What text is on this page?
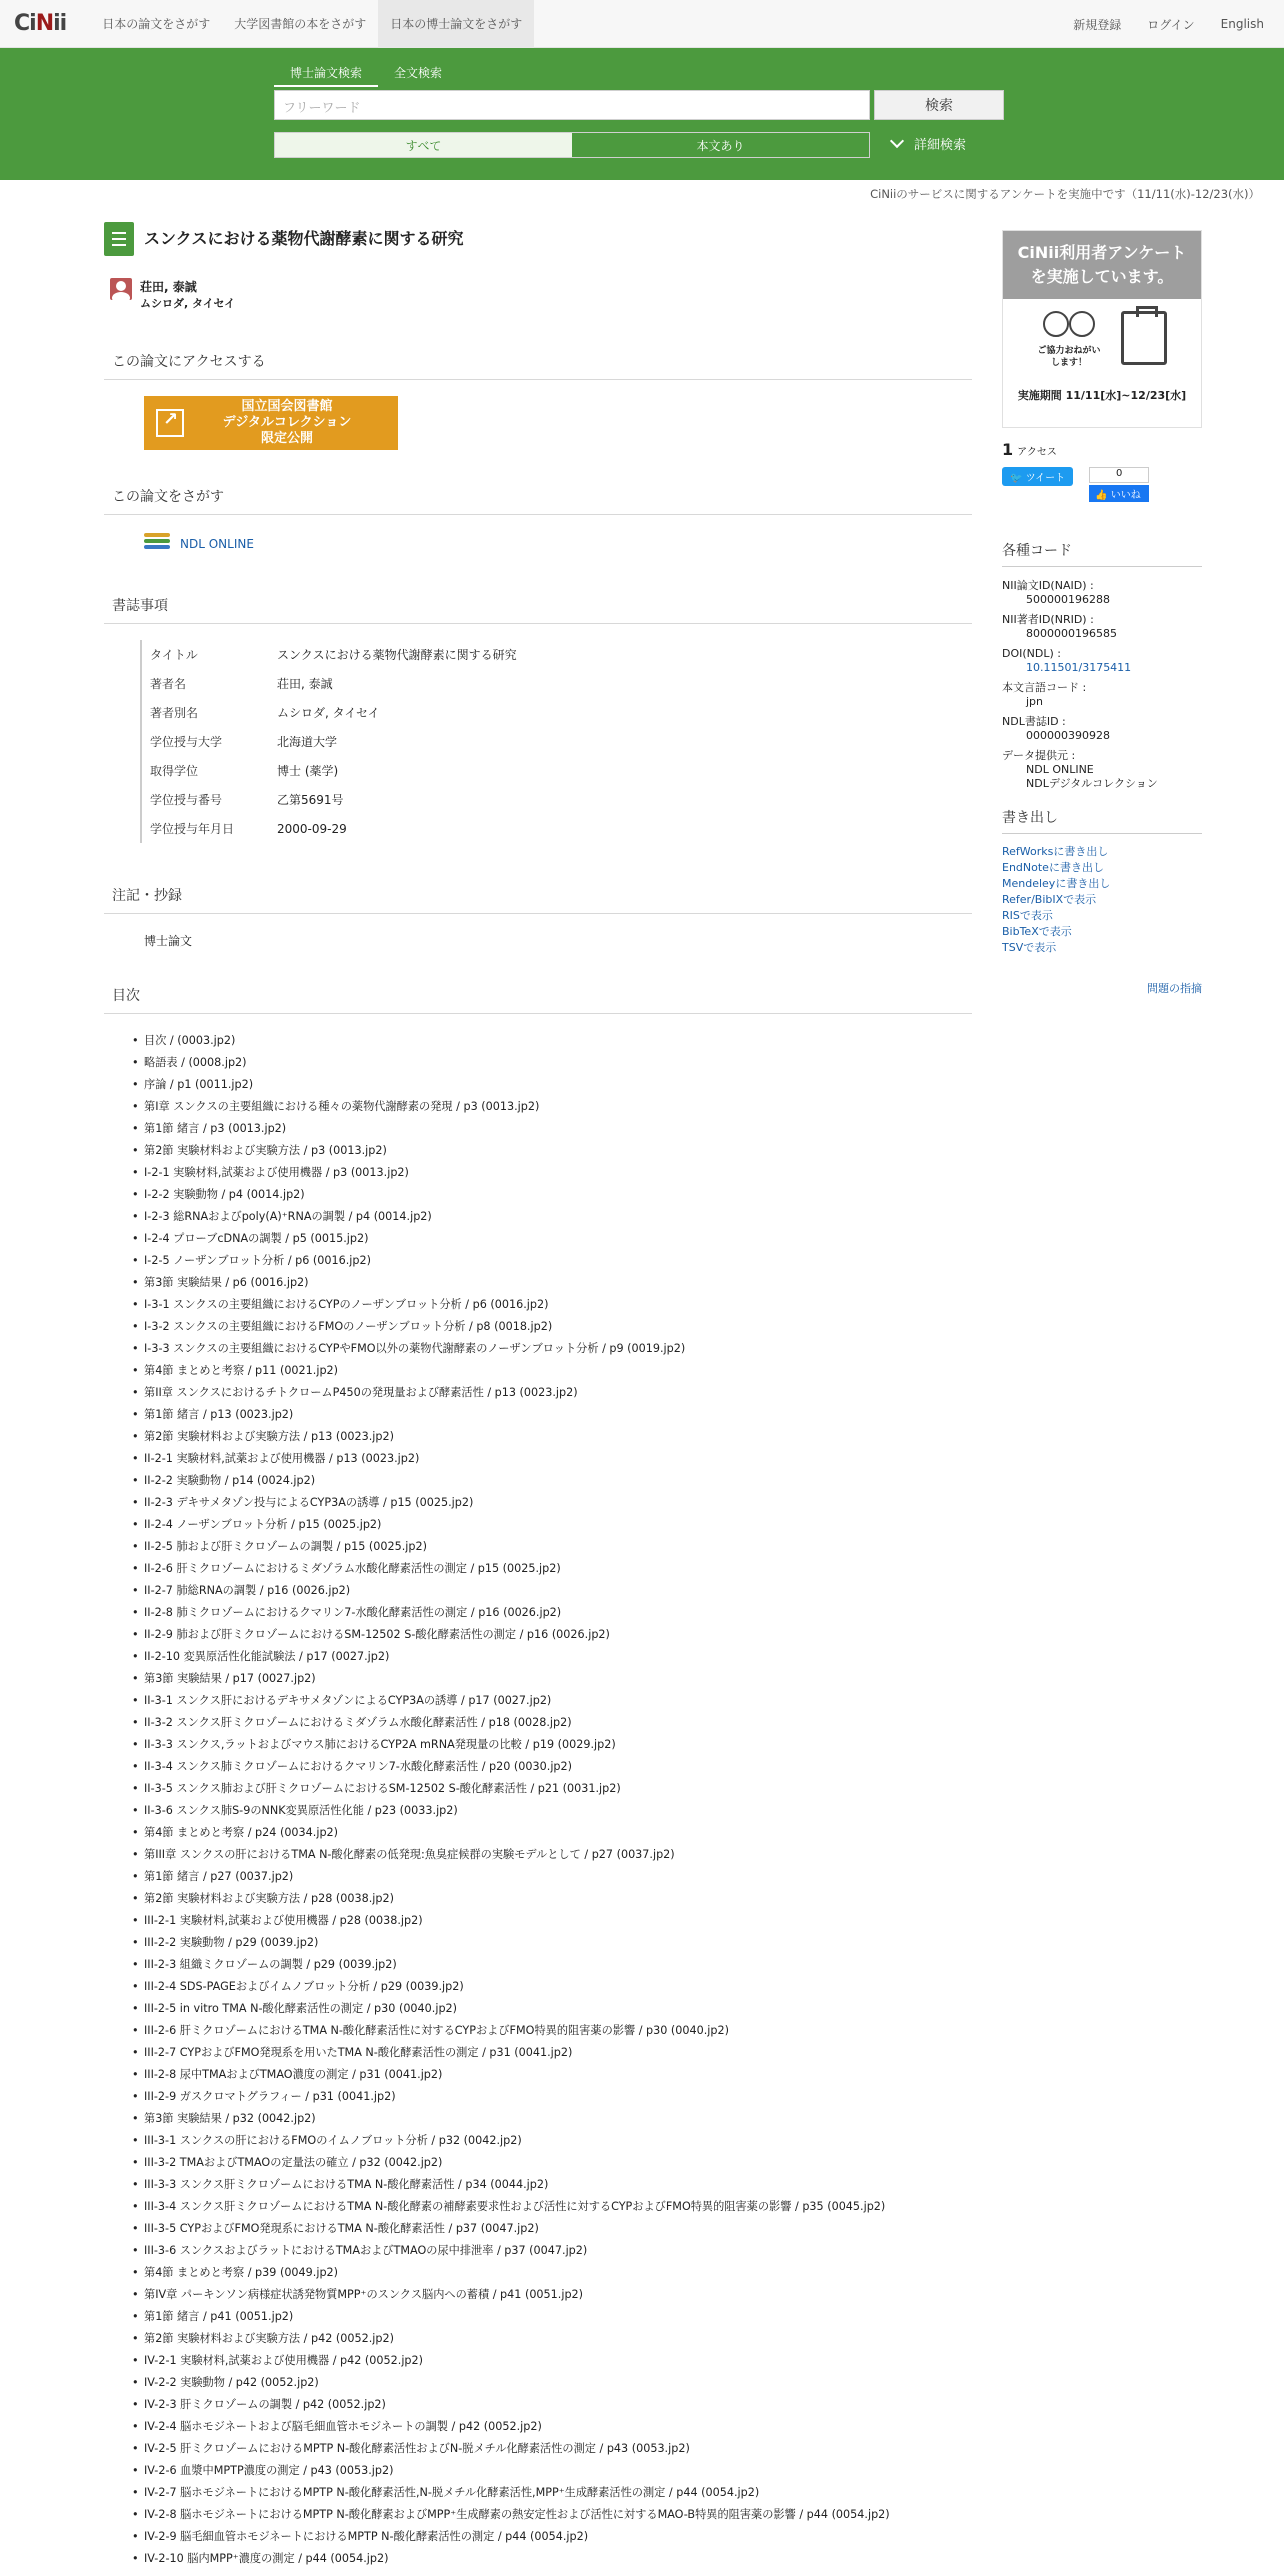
Ci N ii	日本の論文をさがす	大学図書館の本をさがす	日本の博士論文をさがす	新規登録 ログイン English
博士論文検索	全文検索
フリーワード	検索
すべて	本文あり	詳細検索
CiNiiのサービスに関するアンケートを実施中です（11/11(水)-12/23(水)）
スンクスにおける薬物代謝酵素に関する研究
荘田, 泰誠
ムシロダ, タイセイ
この論文にアクセスする
↗
国立国会図書館
デジタルコレクション
限定公開
この論文をさがす
NDL ONLINE
書誌事項
タイトル	スンクスにおける薬物代謝酵素に関する研究
著者名	荘田, 泰誠
著者別名	ムシロダ, タイセイ
学位授与大学	北海道大学
取得学位	博士 (薬学)
学位授与番号	乙第5691号
学位授与年月日	2000-09-29
注記・抄録
博士論文
目次
• 目次 / (0003.jp2)
• 略語表 / (0008.jp2)
• 序論 / p1 (0011.jp2)
• 第I章 スンクスの主要組織における種々の薬物代謝酵素の発現 / p3 (0013.jp2)
• 第1節 緒言 / p3 (0013.jp2)
• 第2節 実験材料および実験方法 / p3 (0013.jp2)
• I-2-1 実験材料,試薬および使用機器 / p3 (0013.jp2)
• I-2-2 実験動物 / p4 (0014.jp2)
• I-2-3 総RNAおよびpoly(A)⁺RNAの調製 / p4 (0014.jp2)
• I-2-4 プローブcDNAの調製 / p5 (0015.jp2)
• I-2-5 ノーザンブロット分析 / p6 (0016.jp2)
• 第3節 実験結果 / p6 (0016.jp2)
• I-3-1 スンクスの主要組織におけるCYPのノーザンブロット分析 / p6 (0016.jp2)
• I-3-2 スンクスの主要組織におけるFMOのノーザンブロット分析 / p8 (0018.jp2)
• I-3-3 スンクスの主要組織におけるCYPやFMO以外の薬物代謝酵素のノーザンブロット分析 / p9 (0019.jp2)
• 第4節 まとめと考察 / p11 (0021.jp2)
• 第II章 スンクスにおけるチトクロームP450の発現量および酵素活性 / p13 (0023.jp2)
• 第1節 緒言 / p13 (0023.jp2)
• 第2節 実験材料および実験方法 / p13 (0023.jp2)
• II-2-1 実験材料,試薬および使用機器 / p13 (0023.jp2)
• II-2-2 実験動物 / p14 (0024.jp2)
• II-2-3 デキサメタゾン投与によるCYP3Aの誘導 / p15 (0025.jp2)
• II-2-4 ノーザンブロット分析 / p15 (0025.jp2)
• II-2-5 肺および肝ミクロゾームの調製 / p15 (0025.jp2)
• II-2-6 肝ミクロゾームにおけるミダゾラム水酸化酵素活性の測定 / p15 (0025.jp2)
• II-2-7 肺総RNAの調製 / p16 (0026.jp2)
• II-2-8 肺ミクロゾームにおけるクマリン7-水酸化酵素活性の測定 / p16 (0026.jp2)
• II-2-9 肺および肝ミクロゾームにおけるSM-12502 S-酸化酵素活性の測定 / p16 (0026.jp2)
• II-2-10 変異原活性化能試験法 / p17 (0027.jp2)
• 第3節 実験結果 / p17 (0027.jp2)
• II-3-1 スンクス肝におけるデキサメタゾンによるCYP3Aの誘導 / p17 (0027.jp2)
• II-3-2 スンクス肝ミクロゾームにおけるミダゾラム水酸化酵素活性 / p18 (0028.jp2)
• II-3-3 スンクス,ラットおよびマウス肺におけるCYP2A mRNA発現量の比較 / p19 (0029.jp2)
• II-3-4 スンクス肺ミクロゾームにおけるクマリン7-水酸化酵素活性 / p20 (0030.jp2)
• II-3-5 スンクス肺および肝ミクロゾームにおけるSM-12502 S-酸化酵素活性 / p21 (0031.jp2)
• II-3-6 スンクス肺S-9のNNK変異原活性化能 / p23 (0033.jp2)
• 第4節 まとめと考察 / p24 (0034.jp2)
• 第III章 スンクスの肝におけるTMA N-酸化酵素の低発現:魚臭症候群の実験モデルとして / p27 (0037.jp2)
• 第1節 緒言 / p27 (0037.jp2)
• 第2節 実験材料および実験方法 / p28 (0038.jp2)
• III-2-1 実験材料,試薬および使用機器 / p28 (0038.jp2)
• III-2-2 実験動物 / p29 (0039.jp2)
• III-2-3 組織ミクロゾームの調製 / p29 (0039.jp2)
• III-2-4 SDS-PAGEおよびイムノブロット分析 / p29 (0039.jp2)
• III-2-5 in vitro TMA N-酸化酵素活性の測定 / p30 (0040.jp2)
• III-2-6 肝ミクロゾームにおけるTMA N-酸化酵素活性に対するCYPおよびFMO特異的阻害薬の影響 / p30 (0040.jp2)
• III-2-7 CYPおよびFMO発現系を用いたTMA N-酸化酵素活性の測定 / p31 (0041.jp2)
• III-2-8 尿中TMAおよびTMAO濃度の測定 / p31 (0041.jp2)
• III-2-9 ガスクロマトグラフィー / p31 (0041.jp2)
• 第3節 実験結果 / p32 (0042.jp2)
• III-3-1 スンクスの肝におけるFMOのイムノブロット分析 / p32 (0042.jp2)
• III-3-2 TMAおよびTMAOの定量法の確立 / p32 (0042.jp2)
• III-3-3 スンクス肝ミクロゾームにおけるTMA N-酸化酵素活性 / p34 (0044.jp2)
• III-3-4 スンクス肝ミクロゾームにおけるTMA N-酸化酵素の補酵素要求性および活性に対するCYPおよびFMO特異的阻害薬の影響 / p35 (0045.jp2)
• III-3-5 CYPおよびFMO発現系におけるTMA N-酸化酵素活性 / p37 (0047.jp2)
• III-3-6 スンクスおよびラットにおけるTMAおよびTMAOの尿中排泄率 / p37 (0047.jp2)
• 第4節 まとめと考察 / p39 (0049.jp2)
• 第IV章 パーキンソン病様症状誘発物質MPP⁺のスンクス脳内への蓄積 / p41 (0051.jp2)
• 第1節 緒言 / p41 (0051.jp2)
• 第2節 実験材料および実験方法 / p42 (0052.jp2)
• IV-2-1 実験材料,試薬および使用機器 / p42 (0052.jp2)
• IV-2-2 実験動物 / p42 (0052.jp2)
• IV-2-3 肝ミクロゾームの調製 / p42 (0052.jp2)
• IV-2-4 脳ホモジネートおよび脳毛細血管ホモジネートの調製 / p42 (0052.jp2)
• IV-2-5 肝ミクロゾームにおけるMPTP N-酸化酵素活性およびN-脱メチル化酵素活性の測定 / p43 (0053.jp2)
• IV-2-6 血漿中MPTP濃度の測定 / p43 (0053.jp2)
• IV-2-7 脳ホモジネートにおけるMPTP N-酸化酵素活性,N-脱メチル化酵素活性,MPP⁺生成酵素活性の測定 / p44 (0054.jp2)
• IV-2-8 脳ホモジネートにおけるMPTP N-酸化酵素およびMPP⁺生成酵素の熱安定性および活性に対するMAO-B特異的阻害薬の影響 / p44 (0054.jp2)
• IV-2-9 脳毛細血管ホモジネートにおけるMPTP N-酸化酵素活性の測定 / p44 (0054.jp2)
• IV-2-10 脳内MPP⁺濃度の測定 / p44 (0054.jp2)
CiNii利用者アンケート
を実施しています。
ご協力おねがい
します！
実施期間 11/11[水]~12/23[水]
1 アクセス
🐦 ツイート	0
👍 いいね
各種コード
NII論文ID(NAID) :
500000196288
NII著者ID(NRID) :
8000000196585
DOI(NDL) :
10.11501/3175411
本文言語コード :
jpn
NDL書誌ID :
000000390928
データ提供元 :
NDL ONLINE
NDLデジタルコレクション
書き出し
RefWorksに書き出し
EndNoteに書き出し
Mendeleyに書き出し
Refer/BibIXで表示
RISで表示
BibTeXで表示
TSVで表示
問題の指摘
